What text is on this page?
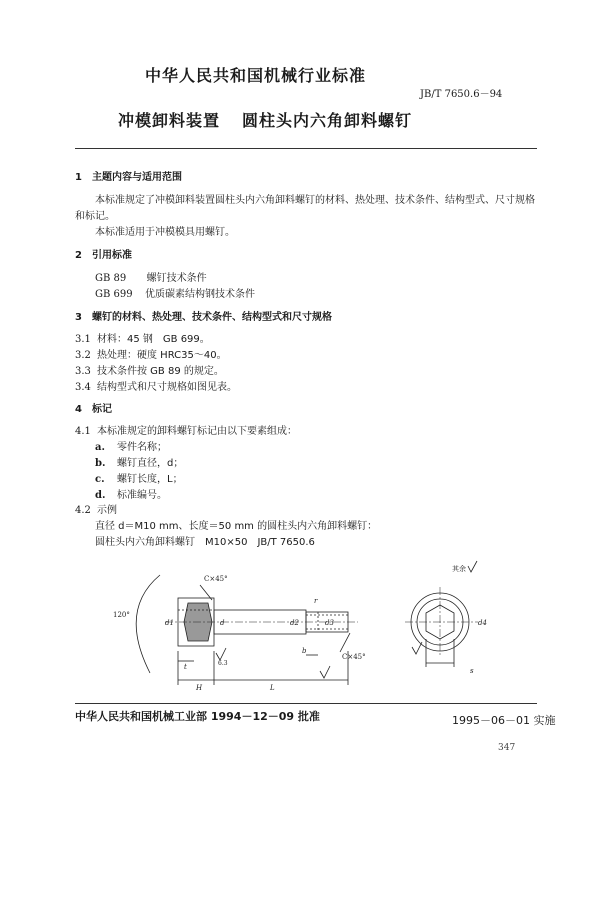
中华人民共和国机械行业标准
JB/T 7650.6－94
冲模卸料装置 圆柱头内六角卸料螺钉
1　主题内容与适用范围
本标准规定了冲模卸料装置圆柱头内六角卸料螺钉的材料、热处理、技术条件、结构型式、尺寸规格
和标记。
本标准适用于冲模模具用螺钉。
2　引用标准
GB 89 螺钉技术条件
GB 699 优质碳素结构钢技术条件
3　螺钉的材料、热处理、技术条件、结构型式和尺寸规格
3.1 材料：45 钢　GB 699。
3.2 热处理：硬度 HRC35～40。
3.3 技术条件按 GB 89 的规定。
3.4 结构型式和尺寸规格如图见表。
4　标记
4.1 本标准规定的卸料螺钉标记由以下要素组成：
a. 零件名称；
b. 螺钉直径，d；
c. 螺钉长度，L；
d. 标准编号。
4.2 示例
直径 d＝M10 mm、长度＝50 mm 的圆柱头内六角卸料螺钉：
圆柱头内六角卸料螺钉　M10×50　JB/T 7650.6
120°
H	L
t
b
r
d1	d	d2	d3
C×45°
C×45°
6.3
其余
s
d4
中华人民共和国机械工业部 1994－12－09 批准	1995－06－01 实施
347
